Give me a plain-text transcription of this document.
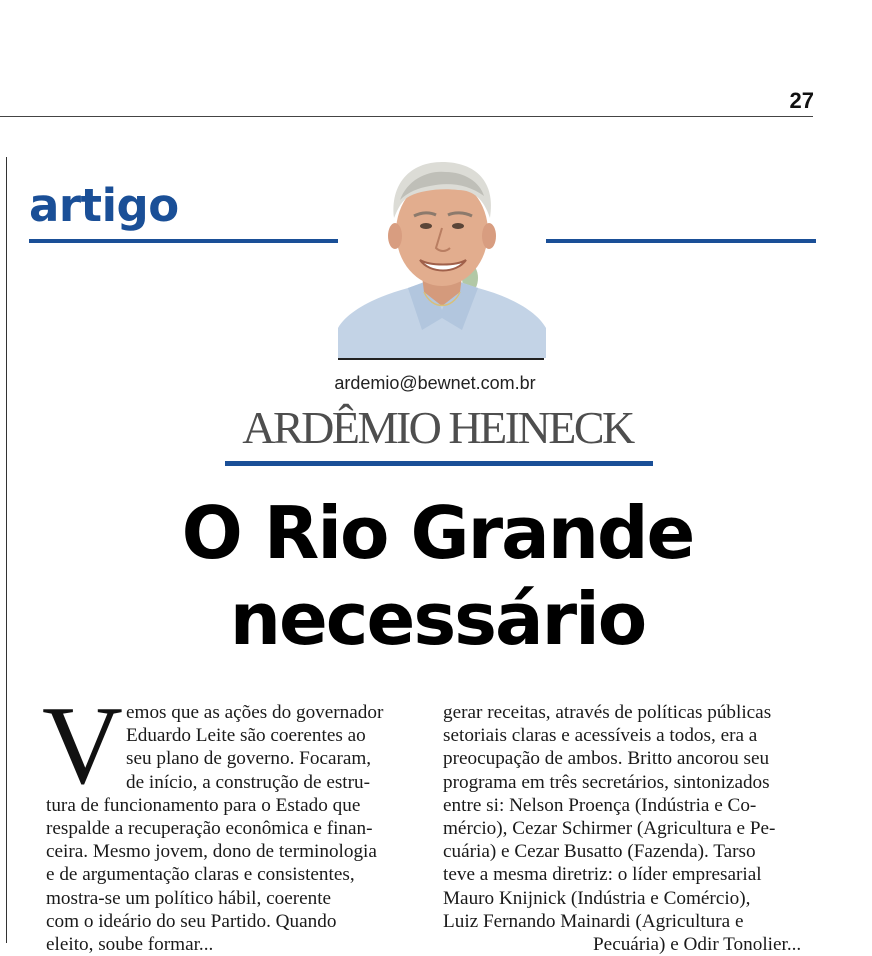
27
artigo
ardemio@bewnet.com.br
ARDÊMIO HEINECK
O Rio Grande necessário
V emos que as ações do governador
Eduardo Leite são coerentes ao
seu plano de governo. Focaram,
de início, a construção de estru-
tura de funcionamento para o Estado que
respalde a recuperação econômica e finan-
ceira. Mesmo jovem, dono de terminologia
e de argumentação claras e consistentes,
mostra-se um político hábil, coerente
com o ideário do seu Partido. Quando
eleito, soube formar...
gerar receitas, através de políticas públicas
setoriais claras e acessíveis a todos, era a
preocupação de ambos. Britto ancorou seu
programa em três secretários, sintonizados
entre si: Nelson Proença (Indústria e Co-
mércio), Cezar Schirmer (Agricultura e Pe-
cuária) e Cezar Busatto (Fazenda). Tarso
teve a mesma diretriz: o líder empresarial
Mauro Knijnick (Indústria e Comércio),
Luiz Fernando Mainardi (Agricultura e
Pecuária) e Odir Tonolier...
